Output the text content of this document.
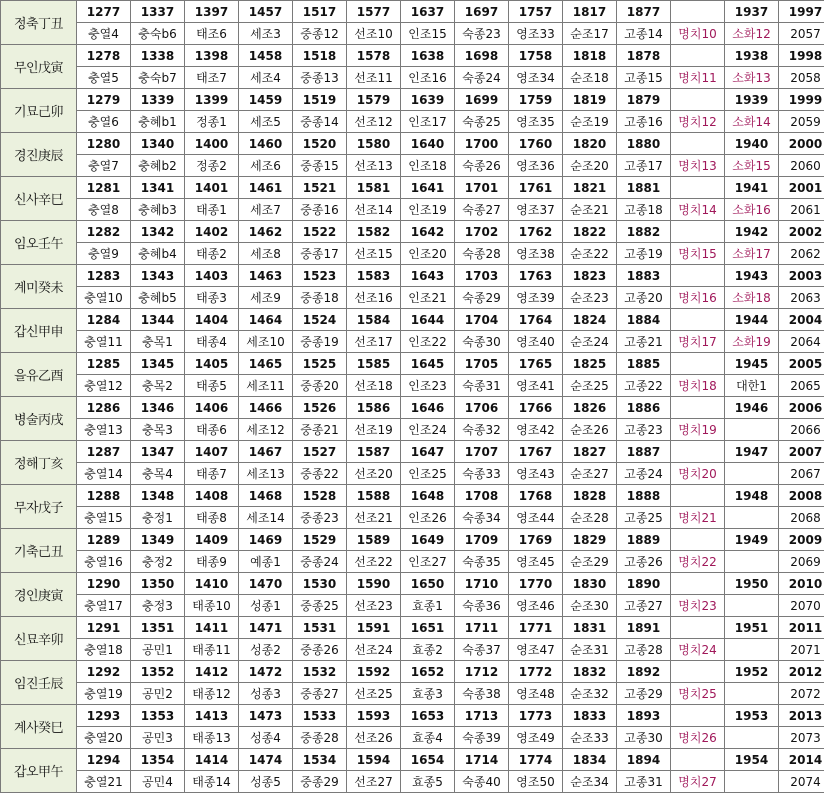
정축丁丑	1277	1337	1397	1457	1517	1577	1637	1697	1757	1817	1877		1937	1997
	충열4	충숙b6	태조6	세조3	중종12	선조10	인조15	숙종23	영조33	순조17	고종14	명치10	소화12	2057
무인戊寅	1278	1338	1398	1458	1518	1578	1638	1698	1758	1818	1878		1938	1998
	충열5	충숙b7	태조7	세조4	중종13	선조11	인조16	숙종24	영조34	순조18	고종15	명치11	소화13	2058
기묘己卯	1279	1339	1399	1459	1519	1579	1639	1699	1759	1819	1879		1939	1999
	충열6	충혜b1	정종1	세조5	중종14	선조12	인조17	숙종25	영조35	순조19	고종16	명치12	소화14	2059
경진庚辰	1280	1340	1400	1460	1520	1580	1640	1700	1760	1820	1880		1940	2000
	충열7	충혜b2	정종2	세조6	중종15	선조13	인조18	숙종26	영조36	순조20	고종17	명치13	소화15	2060
신사辛巳	1281	1341	1401	1461	1521	1581	1641	1701	1761	1821	1881		1941	2001
	충열8	충혜b3	태종1	세조7	중종16	선조14	인조19	숙종27	영조37	순조21	고종18	명치14	소화16	2061
임오壬午	1282	1342	1402	1462	1522	1582	1642	1702	1762	1822	1882		1942	2002
	충열9	충혜b4	태종2	세조8	중종17	선조15	인조20	숙종28	영조38	순조22	고종19	명치15	소화17	2062
계미癸未	1283	1343	1403	1463	1523	1583	1643	1703	1763	1823	1883		1943	2003
	충열10	충혜b5	태종3	세조9	중종18	선조16	인조21	숙종29	영조39	순조23	고종20	명치16	소화18	2063
갑신甲申	1284	1344	1404	1464	1524	1584	1644	1704	1764	1824	1884		1944	2004
	충열11	충목1	태종4	세조10	중종19	선조17	인조22	숙종30	영조40	순조24	고종21	명치17	소화19	2064
을유乙酉	1285	1345	1405	1465	1525	1585	1645	1705	1765	1825	1885		1945	2005
	충열12	충목2	태종5	세조11	중종20	선조18	인조23	숙종31	영조41	순조25	고종22	명치18	대한1	2065
병술丙戌	1286	1346	1406	1466	1526	1586	1646	1706	1766	1826	1886		1946	2006
	충열13	충목3	태종6	세조12	중종21	선조19	인조24	숙종32	영조42	순조26	고종23	명치19		2066
정해丁亥	1287	1347	1407	1467	1527	1587	1647	1707	1767	1827	1887		1947	2007
	충열14	충목4	태종7	세조13	중종22	선조20	인조25	숙종33	영조43	순조27	고종24	명치20		2067
무자戊子	1288	1348	1408	1468	1528	1588	1648	1708	1768	1828	1888		1948	2008
	충열15	충정1	태종8	세조14	중종23	선조21	인조26	숙종34	영조44	순조28	고종25	명치21		2068
기축己丑	1289	1349	1409	1469	1529	1589	1649	1709	1769	1829	1889		1949	2009
	충열16	충정2	태종9	예종1	중종24	선조22	인조27	숙종35	영조45	순조29	고종26	명치22		2069
경인庚寅	1290	1350	1410	1470	1530	1590	1650	1710	1770	1830	1890		1950	2010
	충열17	충정3	태종10	성종1	중종25	선조23	효종1	숙종36	영조46	순조30	고종27	명치23		2070
신묘辛卯	1291	1351	1411	1471	1531	1591	1651	1711	1771	1831	1891		1951	2011
	충열18	공민1	태종11	성종2	중종26	선조24	효종2	숙종37	영조47	순조31	고종28	명치24		2071
임진壬辰	1292	1352	1412	1472	1532	1592	1652	1712	1772	1832	1892		1952	2012
	충열19	공민2	태종12	성종3	중종27	선조25	효종3	숙종38	영조48	순조32	고종29	명치25		2072
계사癸巳	1293	1353	1413	1473	1533	1593	1653	1713	1773	1833	1893		1953	2013
	충열20	공민3	태종13	성종4	중종28	선조26	효종4	숙종39	영조49	순조33	고종30	명치26		2073
갑오甲午	1294	1354	1414	1474	1534	1594	1654	1714	1774	1834	1894		1954	2014
	충열21	공민4	태종14	성종5	중종29	선조27	효종5	숙종40	영조50	순조34	고종31	명치27		2074
